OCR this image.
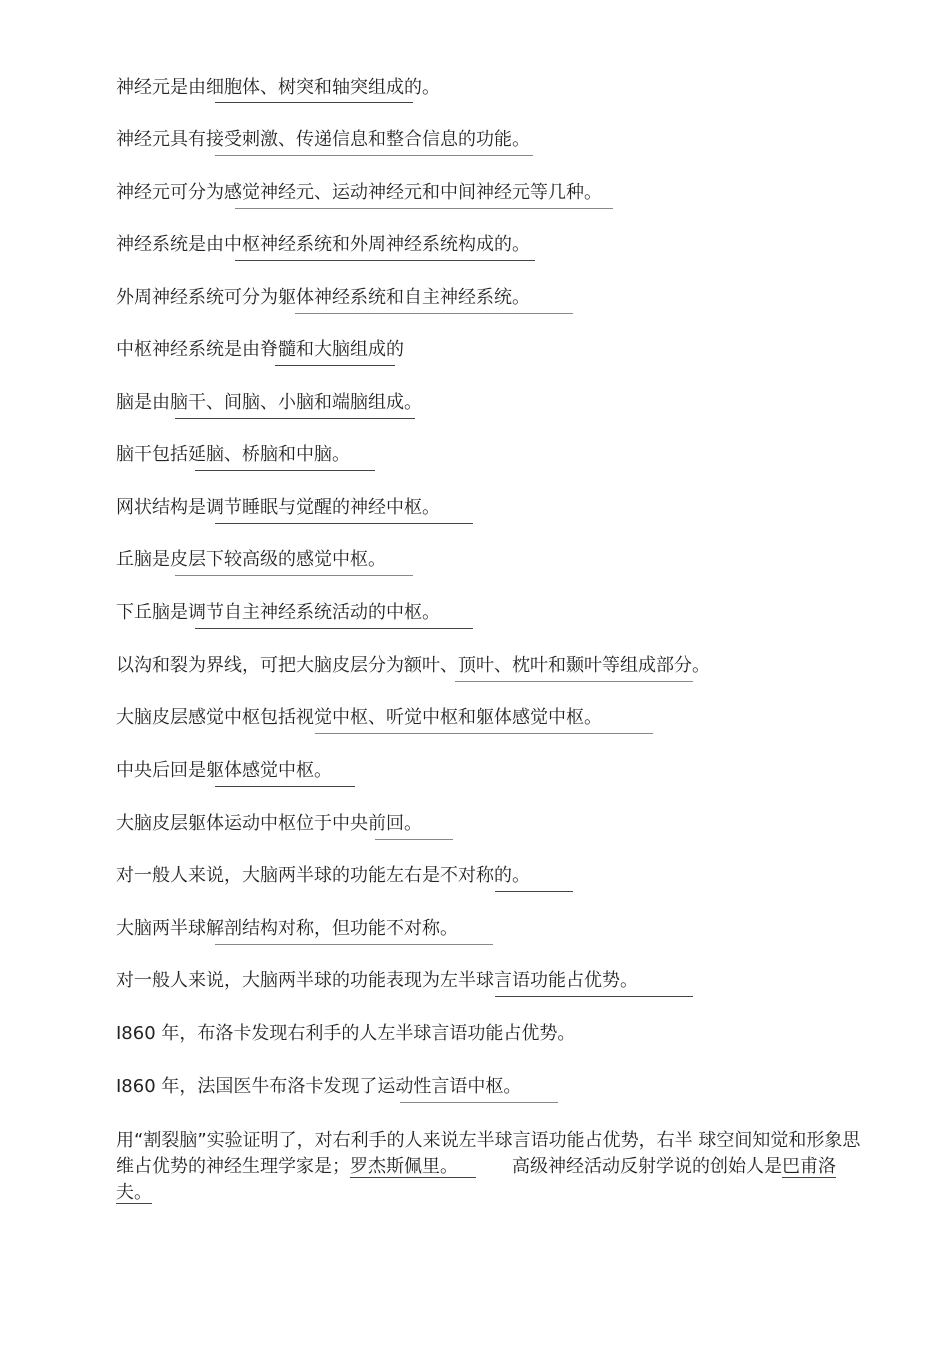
神经元是由细胞体、树突和轴突组成的。
神经元具有接受刺激、传递信息和整合信息的功能。
神经元可分为感觉神经元、运动神经元和中间神经元等几种。
神经系统是由中枢神经系统和外周神经系统构成的。
外周神经系统可分为躯体神经系统和自主神经系统。
中枢神经系统是由脊髓和大脑组成的
脑是由脑干、间脑、小脑和端脑组成。
脑干包括延脑、桥脑和中脑。
网状结构是调节睡眠与觉醒的神经中枢。
丘脑是皮层下较高级的感觉中枢。
下丘脑是调节自主神经系统活动的中枢。
以沟和裂为界线，可把大脑皮层分为额叶、顶叶、枕叶和颞叶等组成部分。
大脑皮层感觉中枢包括视觉中枢、听觉中枢和躯体感觉中枢。
中央后回是躯体感觉中枢。
大脑皮层躯体运动中枢位于中央前回。
对一般人来说，大脑两半球的功能左右是不对称的。
大脑两半球解剖结构对称，但功能不对称。
对一般人来说，大脑两半球的功能表现为左半球言语功能占优势。
I860 年，布洛卡发现右利手的人左半球言语功能占优势。
I860 年，法国医牛布洛卡发现了运动性言语中枢。
用“割裂脑”实验证明了，对右利手的人来说左半球言语功能占优势，右半 球空间知觉和形象思维占优势的神经生理学家是；罗杰斯佩里。	高级神经活动反射学说的创始人是巴甫洛夫。
